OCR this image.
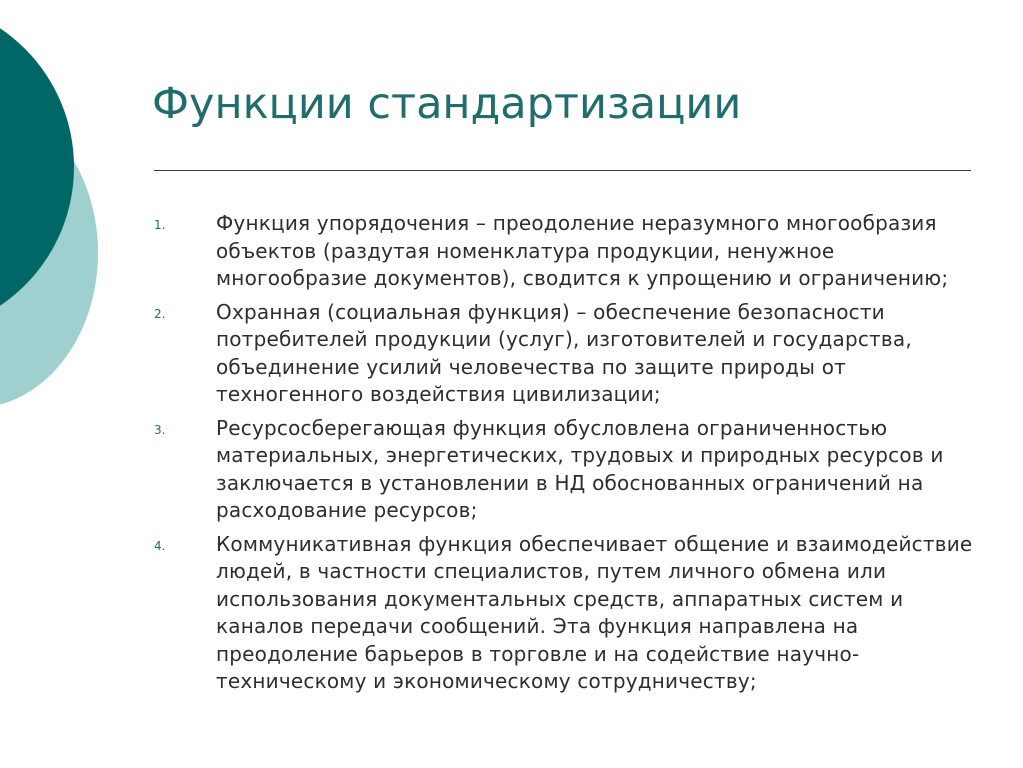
Функции стандартизации
1.	Функция упорядочения – преодоление неразумного многообразия объектов (раздутая номенклатура продукции, ненужное многообразие документов), сводится к упрощению и ограничению;
2.	Охранная (социальная функция) – обеспечение безопасности потребителей продукции (услуг), изготовителей и государства, объединение усилий человечества по защите природы от техногенного воздействия цивилизации;
3.	Ресурсосберегающая функция обусловлена ограниченностью материальных, энергетических, трудовых и природных ресурсов и заключается в установлении в НД обоснованных ограничений на расходование ресурсов;
4.	Коммуникативная функция обеспечивает общение и взаимодействие людей, в частности специалистов, путем личного обмена или использования документальных средств, аппаратных систем и каналов передачи сообщений. Эта функция направлена на преодоление барьеров в торговле и на содействие научно-техническому и экономическому сотрудничеству;
